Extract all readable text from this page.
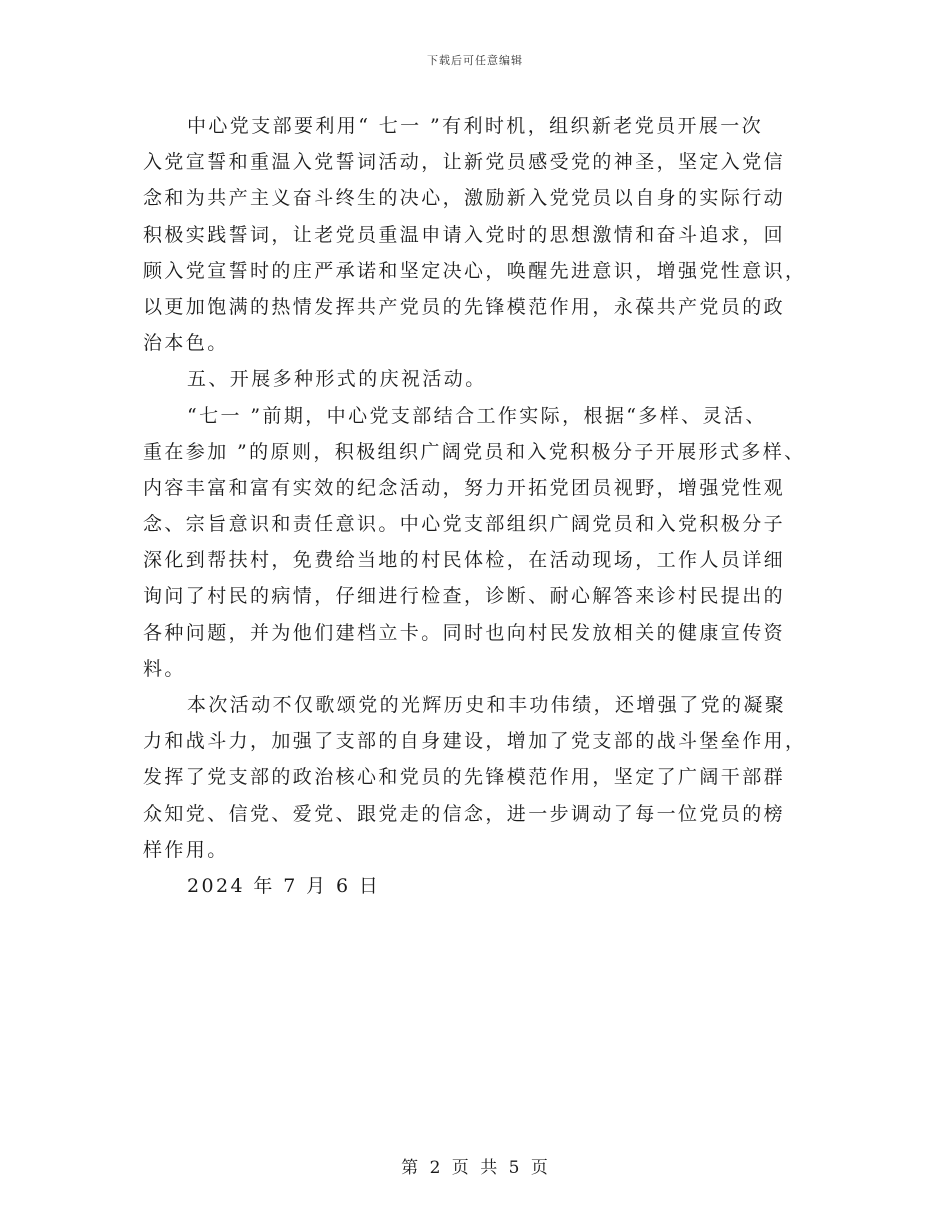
下载后可任意编辑
中心党支部要利用“ 七一 ”有利时机，组织新老党员开展一次
入党宣誓和重温入党誓词活动，让新党员感受党的神圣，坚定入党信
念和为共产主义奋斗终生的决心，激励新入党党员以自身的实际行动
积极实践誓词，让老党员重温申请入党时的思想激情和奋斗追求，回
顾入党宣誓时的庄严承诺和坚定决心，唤醒先进意识，增强党性意识，
以更加饱满的热情发挥共产党员的先锋模范作用，永葆共产党员的政
治本色。
五、开展多种形式的庆祝活动。
“七一 ”前期，中心党支部结合工作实际，根据“多样、灵活、
重在参加 ”的原则，积极组织广阔党员和入党积极分子开展形式多样、
内容丰富和富有实效的纪念活动，努力开拓党团员视野，增强党性观
念、宗旨意识和责任意识。中心党支部组织广阔党员和入党积极分子
深化到帮扶村，免费给当地的村民体检，在活动现场，工作人员详细
询问了村民的病情，仔细进行检查，诊断、耐心解答来诊村民提出的
各种问题，并为他们建档立卡。同时也向村民发放相关的健康宣传资
料。
本次活动不仅歌颂党的光辉历史和丰功伟绩，还增强了党的凝聚
力和战斗力，加强了支部的自身建设，增加了党支部的战斗堡垒作用，
发挥了党支部的政治核心和党员的先锋模范作用，坚定了广阔干部群
众知党、信党、爱党、跟党走的信念，进一步调动了每一位党员的榜
样作用。
2024 年 7 月 6 日
第 2 页 共 5 页
